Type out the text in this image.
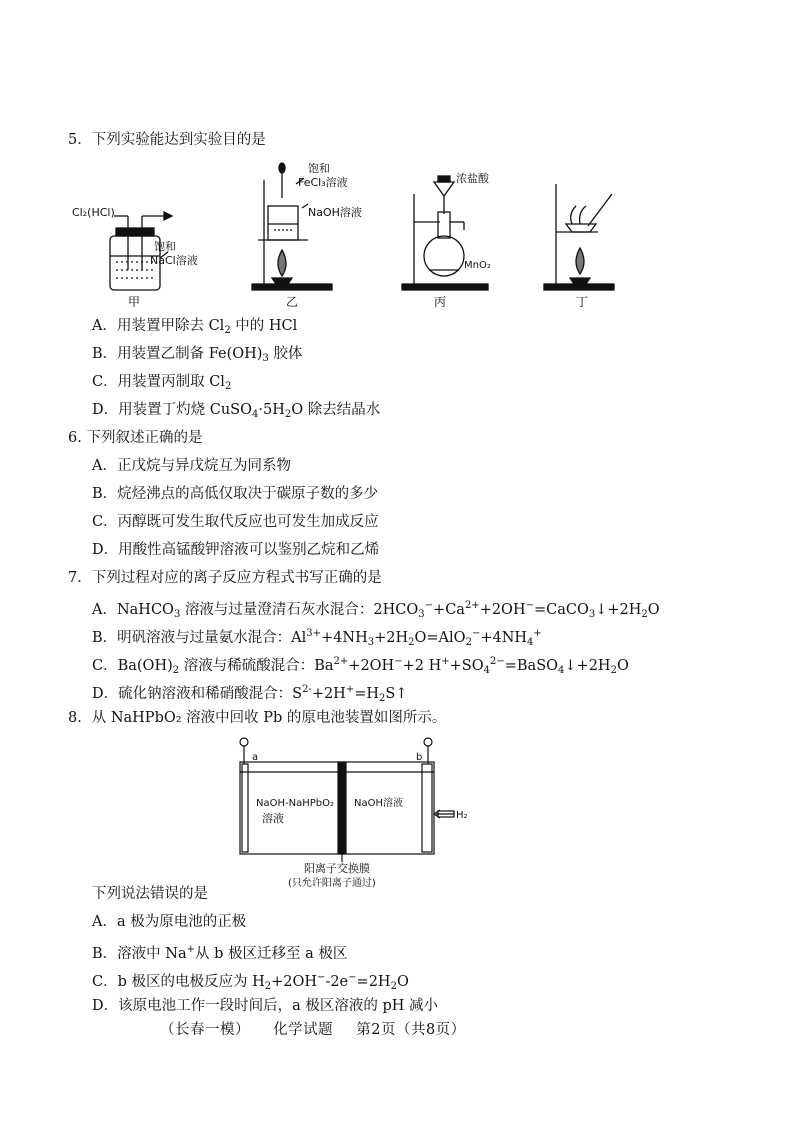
5．下列实验能达到实验目的是
Cl₂(HCl)
饱和
NaCl溶液
甲
饱和
FeCl₃溶液
NaOH溶液
乙
浓盐酸
MnO₂
丙	丁
A．用装置甲除去 $Cl_2$ 中的 HCl
B．用装置乙制备 $Fe(OH)_3$ 胶体
C．用装置丙制取 $Cl_2$
D．用装置丁灼烧 $CuSO_4\cdot 5H_2O$ 除去结晶水
6. 下列叙述正确的是
A．正戊烷与异戊烷互为同系物
B．烷烃沸点的高低仅取决于碳原子数的多少
C．丙醇既可发生取代反应也可发生加成反应
D．用酸性高锰酸钾溶液可以鉴别乙烷和乙烯
7．下列过程对应的离子反应方程式书写正确的是
A．NaHCO$_3$ 溶液与过量澄清石灰水混合：$2HCO_3^-+Ca^{2+}+2OH^-=CaCO_3↓+2H_2O$
B．明矾溶液与过量氨水混合：$Al^{3+}+4NH_3+2H_2O=AlO_2^-+4NH_4^+$
C．$Ba(OH)_2$ 溶液与稀硫酸混合：$Ba^{2+}+2OH^-+2$ $H^++SO_4^{2-}=BaSO_4↓+2H_2O$
D．硫化钠溶液和稀硝酸混合：$S^{2-}+2H^+=H_2S↑$
8．从 NaHPbO₂ 溶液中回收 Pb 的原电池装置如图所示。
a	b
NaOH-NaHPbO₂
溶液
NaOH溶液
H₂
阳离子交换膜
(只允许阳离子通过)
下列说法错误的是
A．a 极为原电池的正极
B．溶液中 Na+从 b 极区迁移至 a 极区
C．b 极区的电极反应为 $H_2+2OH^--2e^-=2H_2O$
D．该原电池工作一段时间后，a 极区溶液的 pH 减小
（长春一模） 化学试题 第2页（共8页）
